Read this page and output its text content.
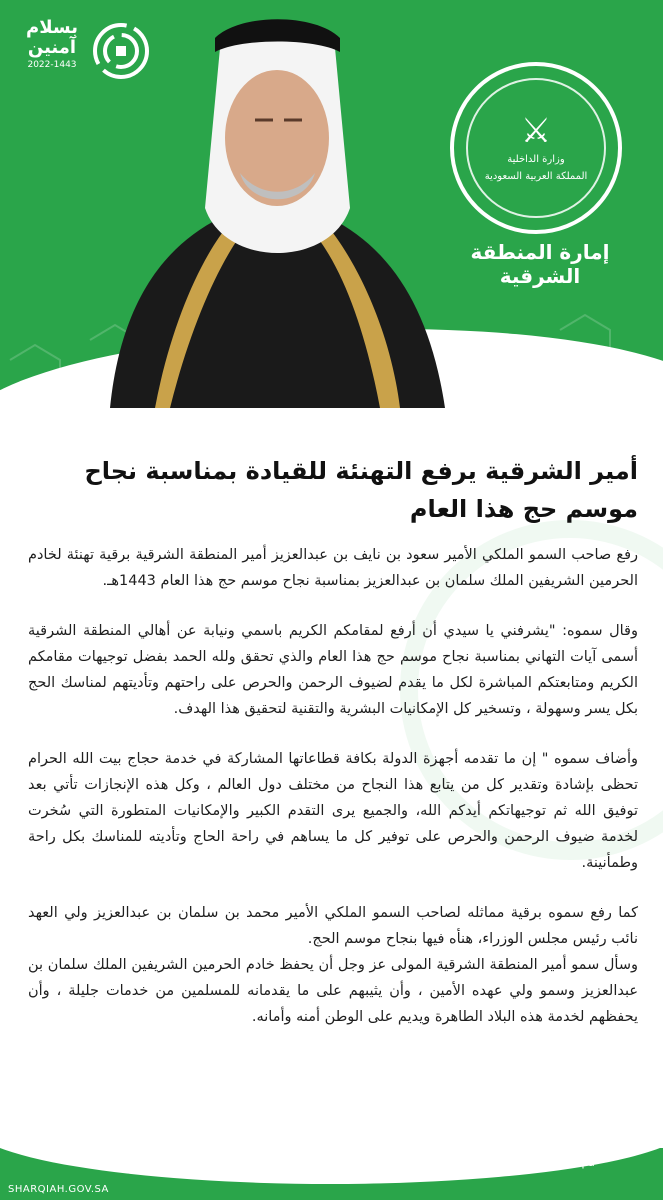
بسلام آمنين
2022-1443
⚔
وزارة الداخلية
المملكة العربية السعودية
إمارة المنطقة الشرقية
أمير الشرقية يرفع التهنئة للقيادة بمناسبة نجاح موسم حج هذا العام

رفع صاحب السمو الملكي الأمير سعود بن نايف بن عبدالعزيز أمير المنطقة الشرقية برقية تهنئة لخادم الحرمين الشريفين الملك سلمان بن عبدالعزيز بمناسبة نجاح موسم حج هذا العام 1443هـ.

وقال سموه: "يشرفني يا سيدي أن أرفع لمقامكم الكريم باسمي ونيابة عن أهالي المنطقة الشرقية أسمى آيات التهاني بمناسبة نجاح موسم حج هذا العام والذي تحقق ولله الحمد بفضل توجيهات مقامكم الكريم ومتابعتكم المباشرة لكل ما يقدم لضيوف الرحمن والحرص على راحتهم وتأديتهم لمناسك الحج بكل يسر وسهولة ، وتسخير كل الإمكانيات البشرية والتقنية لتحقيق هذا الهدف.

وأضاف سموه " إن ما تقدمه أجهزة الدولة بكافة قطاعاتها المشاركة في خدمة حجاج بيت الله الحرام تحظى بإشادة وتقدير كل من يتابع هذا النجاح من مختلف دول العالم ، وكل هذه الإنجازات تأتي بعد توفيق الله ثم توجيهاتكم أيدكم الله، والجميع يرى التقدم الكبير والإمكانيات المتطورة التي سُخرت لخدمة ضيوف الرحمن والحرص على توفير كل ما يساهم في راحة الحاج وتأديته للمناسك بكل راحة وطمأنينة.

كما رفع سموه برقية مماثله لصاحب السمو الملكي الأمير محمد بن سلمان بن عبدالعزيز ولي العهد نائب رئيس مجلس الوزراء، هنأه فيها بنجاح موسم الحج.

وسأل سمو أمير المنطقة الشرقية المولى عز وجل أن يحفظ خادم الحرمين الشريفين الملك سلمان بن عبدالعزيز وسمو ولي عهده الأمين ، وأن يثيبهم على ما يقدمانه للمسلمين من خدمات جليلة ، وأن يحفظهم لخدمة هذه البلاد الطاهرة ويديم على الوطن أمنه وأمانه.

SHARQIAH.GOV.SA
@emara_sharqia
